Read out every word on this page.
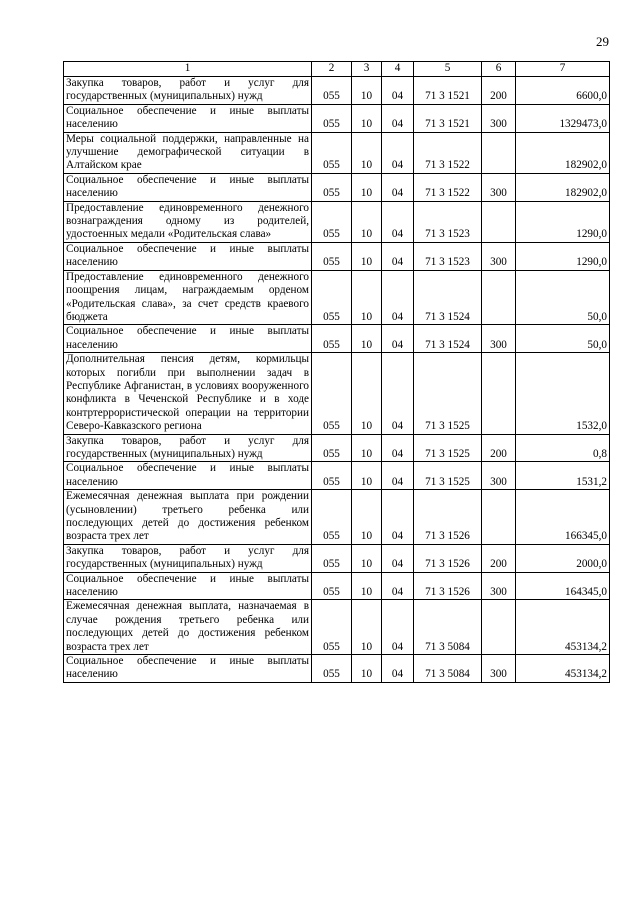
29
1	2	3	4	5	6	7
Закупка товаров, работ и услуг для государственных (муниципальных) нужд	055	10	04	71 3 1521	200	6600,0
Социальное обеспечение и иные выплаты населению	055	10	04	71 3 1521	300	1329473,0
Меры социальной поддержки, направленные на улучшение демографической ситуации в Алтайском крае	055	10	04	71 3 1522		182902,0
Социальное обеспечение и иные выплаты населению	055	10	04	71 3 1522	300	182902,0
Предоставление единовременного денежного вознаграждения одному из родителей, удостоенных медали «Родительская слава»	055	10	04	71 3 1523		1290,0
Социальное обеспечение и иные выплаты населению	055	10	04	71 3 1523	300	1290,0
Предоставление единовременного денежного поощрения лицам, награждаемым орденом «Родительская слава», за счет средств краевого бюджета	055	10	04	71 3 1524		50,0
Социальное обеспечение и иные выплаты населению	055	10	04	71 3 1524	300	50,0
Дополнительная пенсия детям, кормильцы которых погибли при выполнении задач в Республике Афганистан, в условиях вооруженного конфликта в Чеченской Республике и в ходе контртеррористической операции на территории Северо-Кавказского региона	055	10	04	71 3 1525		1532,0
Закупка товаров, работ и услуг для государственных (муниципальных) нужд	055	10	04	71 3 1525	200	0,8
Социальное обеспечение и иные выплаты населению	055	10	04	71 3 1525	300	1531,2
Ежемесячная денежная выплата при рождении (усыновлении) третьего ребенка или последующих детей до достижения ребенком возраста трех лет	055	10	04	71 3 1526		166345,0
Закупка товаров, работ и услуг для государственных (муниципальных) нужд	055	10	04	71 3 1526	200	2000,0
Социальное обеспечение и иные выплаты населению	055	10	04	71 3 1526	300	164345,0
Ежемесячная денежная выплата, назначаемая в случае рождения третьего ребенка или последующих детей до достижения ребенком возраста трех лет	055	10	04	71 3 5084		453134,2
Социальное обеспечение и иные выплаты населению	055	10	04	71 3 5084	300	453134,2
